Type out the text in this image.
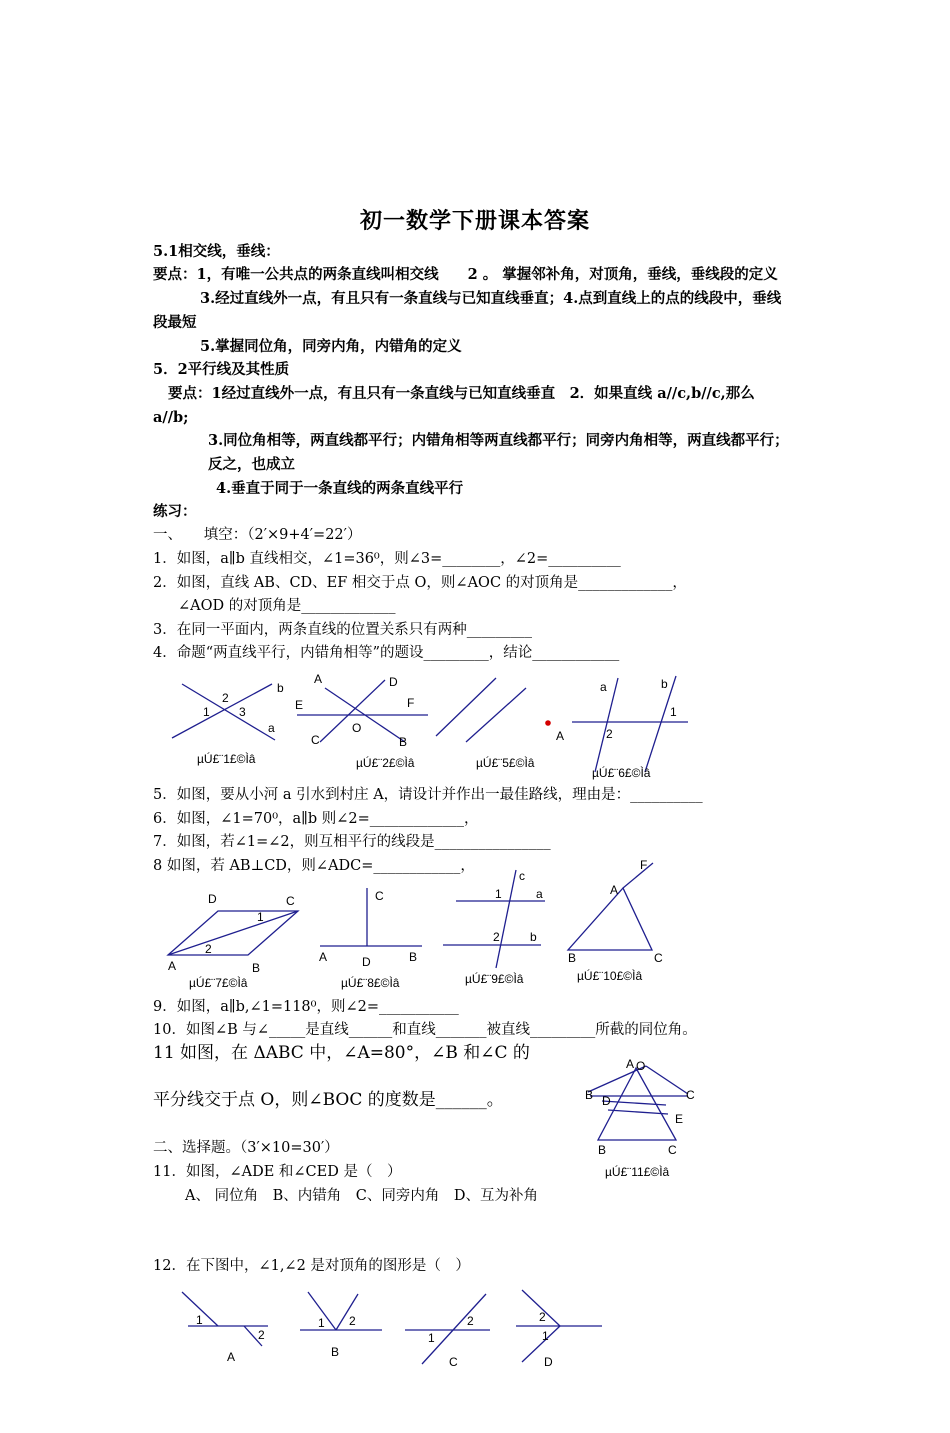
初一数学下册课本答案
5.1相交线，垂线：
要点：1，有唯一公共点的两条直线叫相交线　　2 。 掌握邻补角，对顶角，垂线，垂线段的定义
3.经过直线外一点，有且只有一条直线与已知直线垂直；4.点到直线上的点的线段中，垂线
段最短
5.掌握同位角，同旁内角，内错角的定义
5．2平行线及其性质
要点：1经过直线外一点，有且只有一条直线与已知直线垂直　2．如果直线 a//c,b//c,那么
a//b;
3.同位角相等，两直线都平行；内错角相等两直线都平行；同旁内角相等，两直线都平行；
反之，也成立
4.垂直于同于一条直线的两条直线平行
练习：
一、　　填空：（2′×9+4′=22′）
1．如图，a∥b 直线相交，∠1=36⁰，则∠3=________，∠2=__________
2．如图，直线 AB、CD、EF 相交于点 O，则∠AOC 的对顶角是_____________，
∠AOD 的对顶角是_____________
3．在同一平面内，两条直线的位置关系只有两种_________
4．命题“两直线平行，内错角相等”的题设_________，结论____________
2
1 3
b
a
A	D
E	F
O
C	B
a	b
1
2
A
µÚ£¨1£©Ìâ	µÚ£¨2£©Ìâ	µÚ£¨5£©Ìâ
µÚ£¨6£©Ìâ
5．如图，要从小河 a 引水到村庄 A，请设计并作出一最佳路线，理由是：__________
6．如图，∠1=70⁰，a∥b 则∠2=_____________，
7．如图，若∠1=∠2，则互相平行的线段是________________
8 如图，若 AB⊥CD，则∠ADC=____________，
D	C
1
2
A	B
C
A	D	B
c
1	a
2	b
F
A
B	C
µÚ£¨7£©Ìâ	µÚ£¨8£©Ìâ	µÚ£¨9£©Ìâ	µÚ£¨10£©Ìâ
9．如图，a∥b,∠1=118⁰，则∠2=___________
10．如图∠B 与∠_____是直线______和直线_______被直线_________所截的同位角。
11 如图，在 ΔABC 中，∠A=80°，∠B 和∠C 的
平分线交于点 O，则∠BOC 的度数是______。
A O
B	C
D
E
B	C
µÚ£¨11£©Ìâ
二、选择题。（3′×10=30′）
11．如图，∠ADE 和∠CED 是（　）
A、 同位角　B、内错角　C、同旁内角　D、互为补角
12．在下图中，∠1,∠2 是对顶角的图形是（　）
1
2
A
1 2
B
1
2
C
2
1
D
